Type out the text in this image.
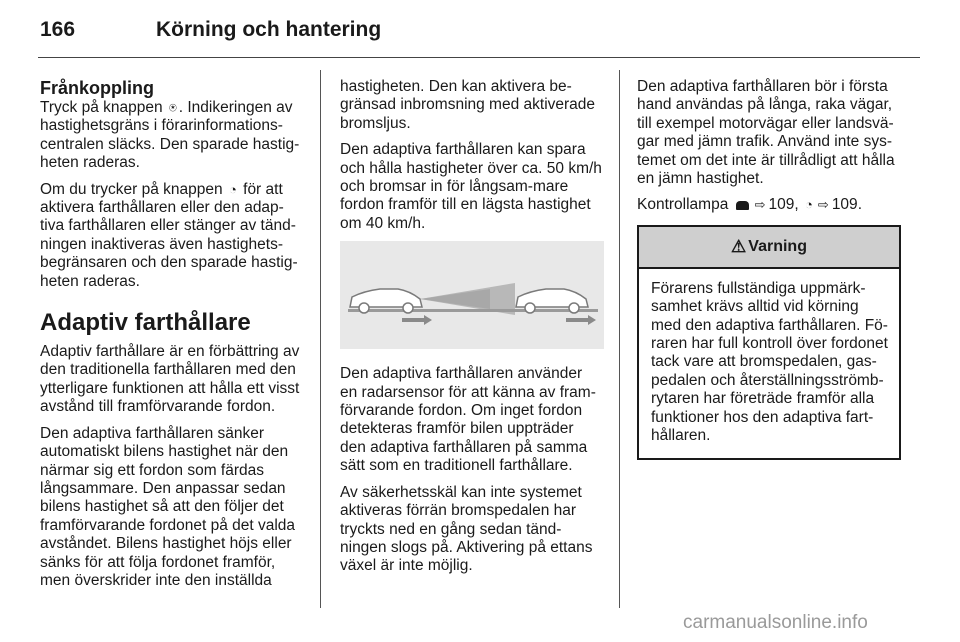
166	Körning och hantering
Frånkoppling

Tryck på knappen ⍟ . Indikeringen av hastighetsgräns i förarinformations-centralen släcks. Den sparade hastig-heten raderas.

Om du trycker på knappen ◔ för att aktivera farthållaren eller den adap-tiva farthållaren eller stänger av tänd-ningen inaktiveras även hastighets-begränsaren och den sparade hastig-heten raderas.

Adaptiv farthållare

Adaptiv farthållare är en förbättring av den traditionella farthållaren med den ytterligare funktionen att hålla ett visst avstånd till framförvarande fordon.

Den adaptiva farthållaren sänker automatiskt bilens hastighet när den närmar sig ett fordon som färdas långsammare. Den anpassar sedan bilens hastighet så att den följer det framförvarande fordonet på det valda avståndet. Bilens hastighet höjs eller sänks för att följa fordonet framför, men överskrider inte den inställda

hastigheten. Den kan aktivera be-gränsad inbromsning med aktiverade bromsljus.

Den adaptiva farthållaren kan spara och hålla hastigheter över ca. 50 km/h och bromsar in för långsam-mare fordon framför till en lägsta hastighet om 40 km/h.

Den adaptiva farthållaren använder en radarsensor för att känna av fram-förvarande fordon. Om inget fordon detekteras framför bilen uppträder den adaptiva farthållaren på samma sätt som en traditionell farthållare.

Av säkerhetsskäl kan inte systemet aktiveras förrän bromspedalen har tryckts ned en gång sedan tänd-ningen slogs på. Aktivering på ettans växel är inte möjlig.

Den adaptiva farthållaren bör i första hand användas på långa, raka vägar, till exempel motorvägar eller landsvä-gar med jämn trafik. Använd inte sys-temet om det inte är tillrådligt att hålla en jämn hastighet.

Kontrollampa ⇨ 109, ◔ ⇨ 109.

⚠ Varning
Förarens fullständiga uppmärk-samhet krävs alltid vid körning med den adaptiva farthållaren. Fö-raren har full kontroll över fordonet tack vare att bromspedalen, gas-pedalen och återställningsströmb-rytaren har företräde framför alla funktioner hos den adaptiva fart-hållaren.
carmanualsonline.info
